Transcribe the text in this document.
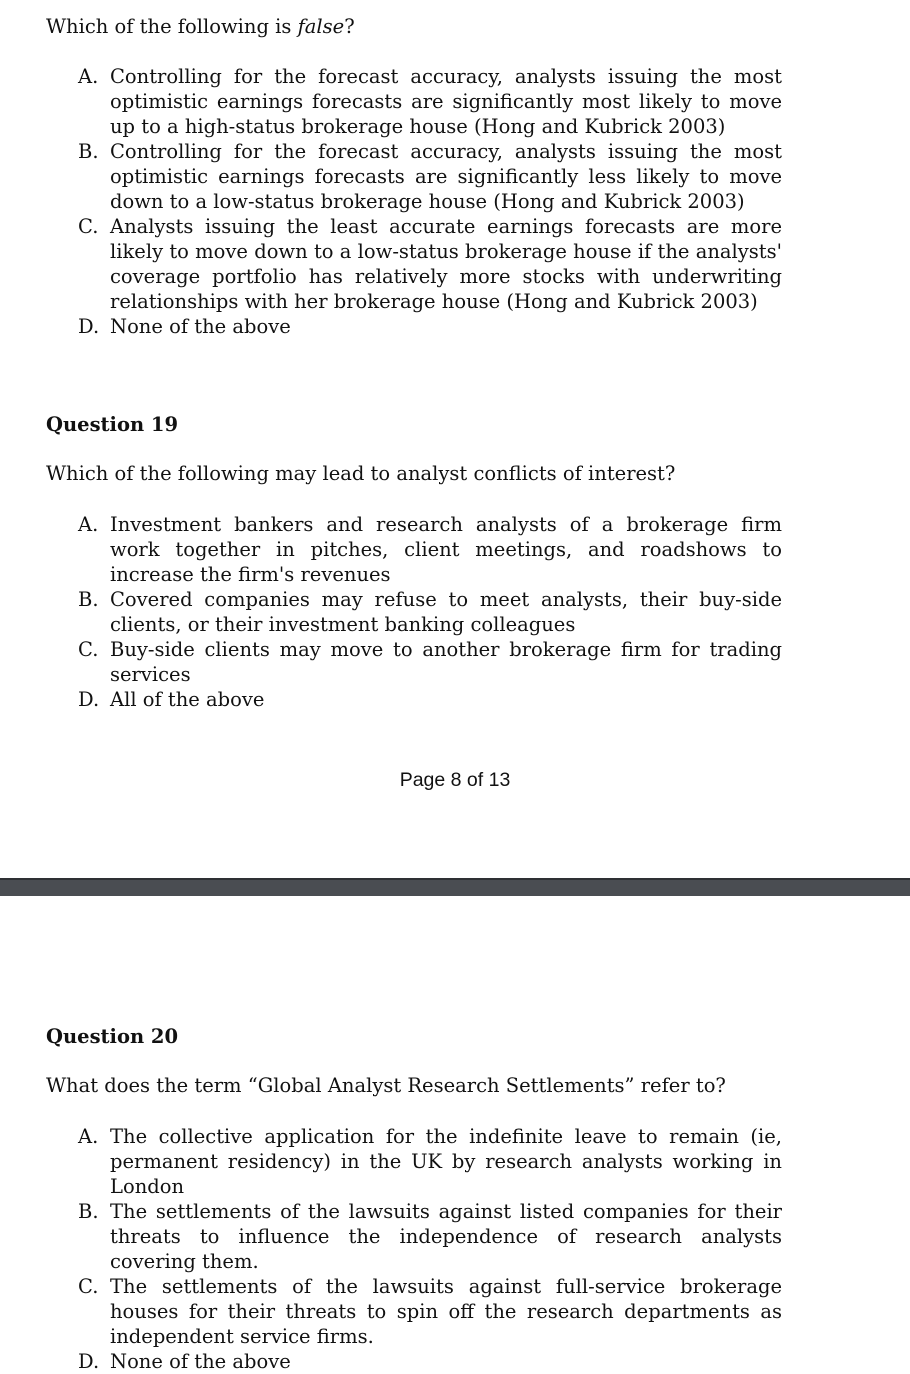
Which of the following is false?
A. Controlling for the forecast accuracy, analysts issuing the most optimistic earnings forecasts are significantly most likely to move up to a high-status brokerage house (Hong and Kubrick 2003)
B. Controlling for the forecast accuracy, analysts issuing the most optimistic earnings forecasts are significantly less likely to move down to a low-status brokerage house (Hong and Kubrick 2003)
C. Analysts issuing the least accurate earnings forecasts are more likely to move down to a low-status brokerage house if the analysts' coverage portfolio has relatively more stocks with underwriting relationships with her brokerage house (Hong and Kubrick 2003)
D. None of the above
Question 19
Which of the following may lead to analyst conflicts of interest?
A. Investment bankers and research analysts of a brokerage firm work together in pitches, client meetings, and roadshows to increase the firm's revenues
B. Covered companies may refuse to meet analysts, their buy-side clients, or their investment banking colleagues
C. Buy-side clients may move to another brokerage firm for trading services
D. All of the above
Page 8 of 13
Question 20
What does the term “Global Analyst Research Settlements” refer to?
A. The collective application for the indefinite leave to remain (ie, permanent residency) in the UK by research analysts working in London
B. The settlements of the lawsuits against listed companies for their threats to influence the independence of research analysts covering them.
C. The settlements of the lawsuits against full-service brokerage houses for their threats to spin off the research departments as independent service firms.
D. None of the above
